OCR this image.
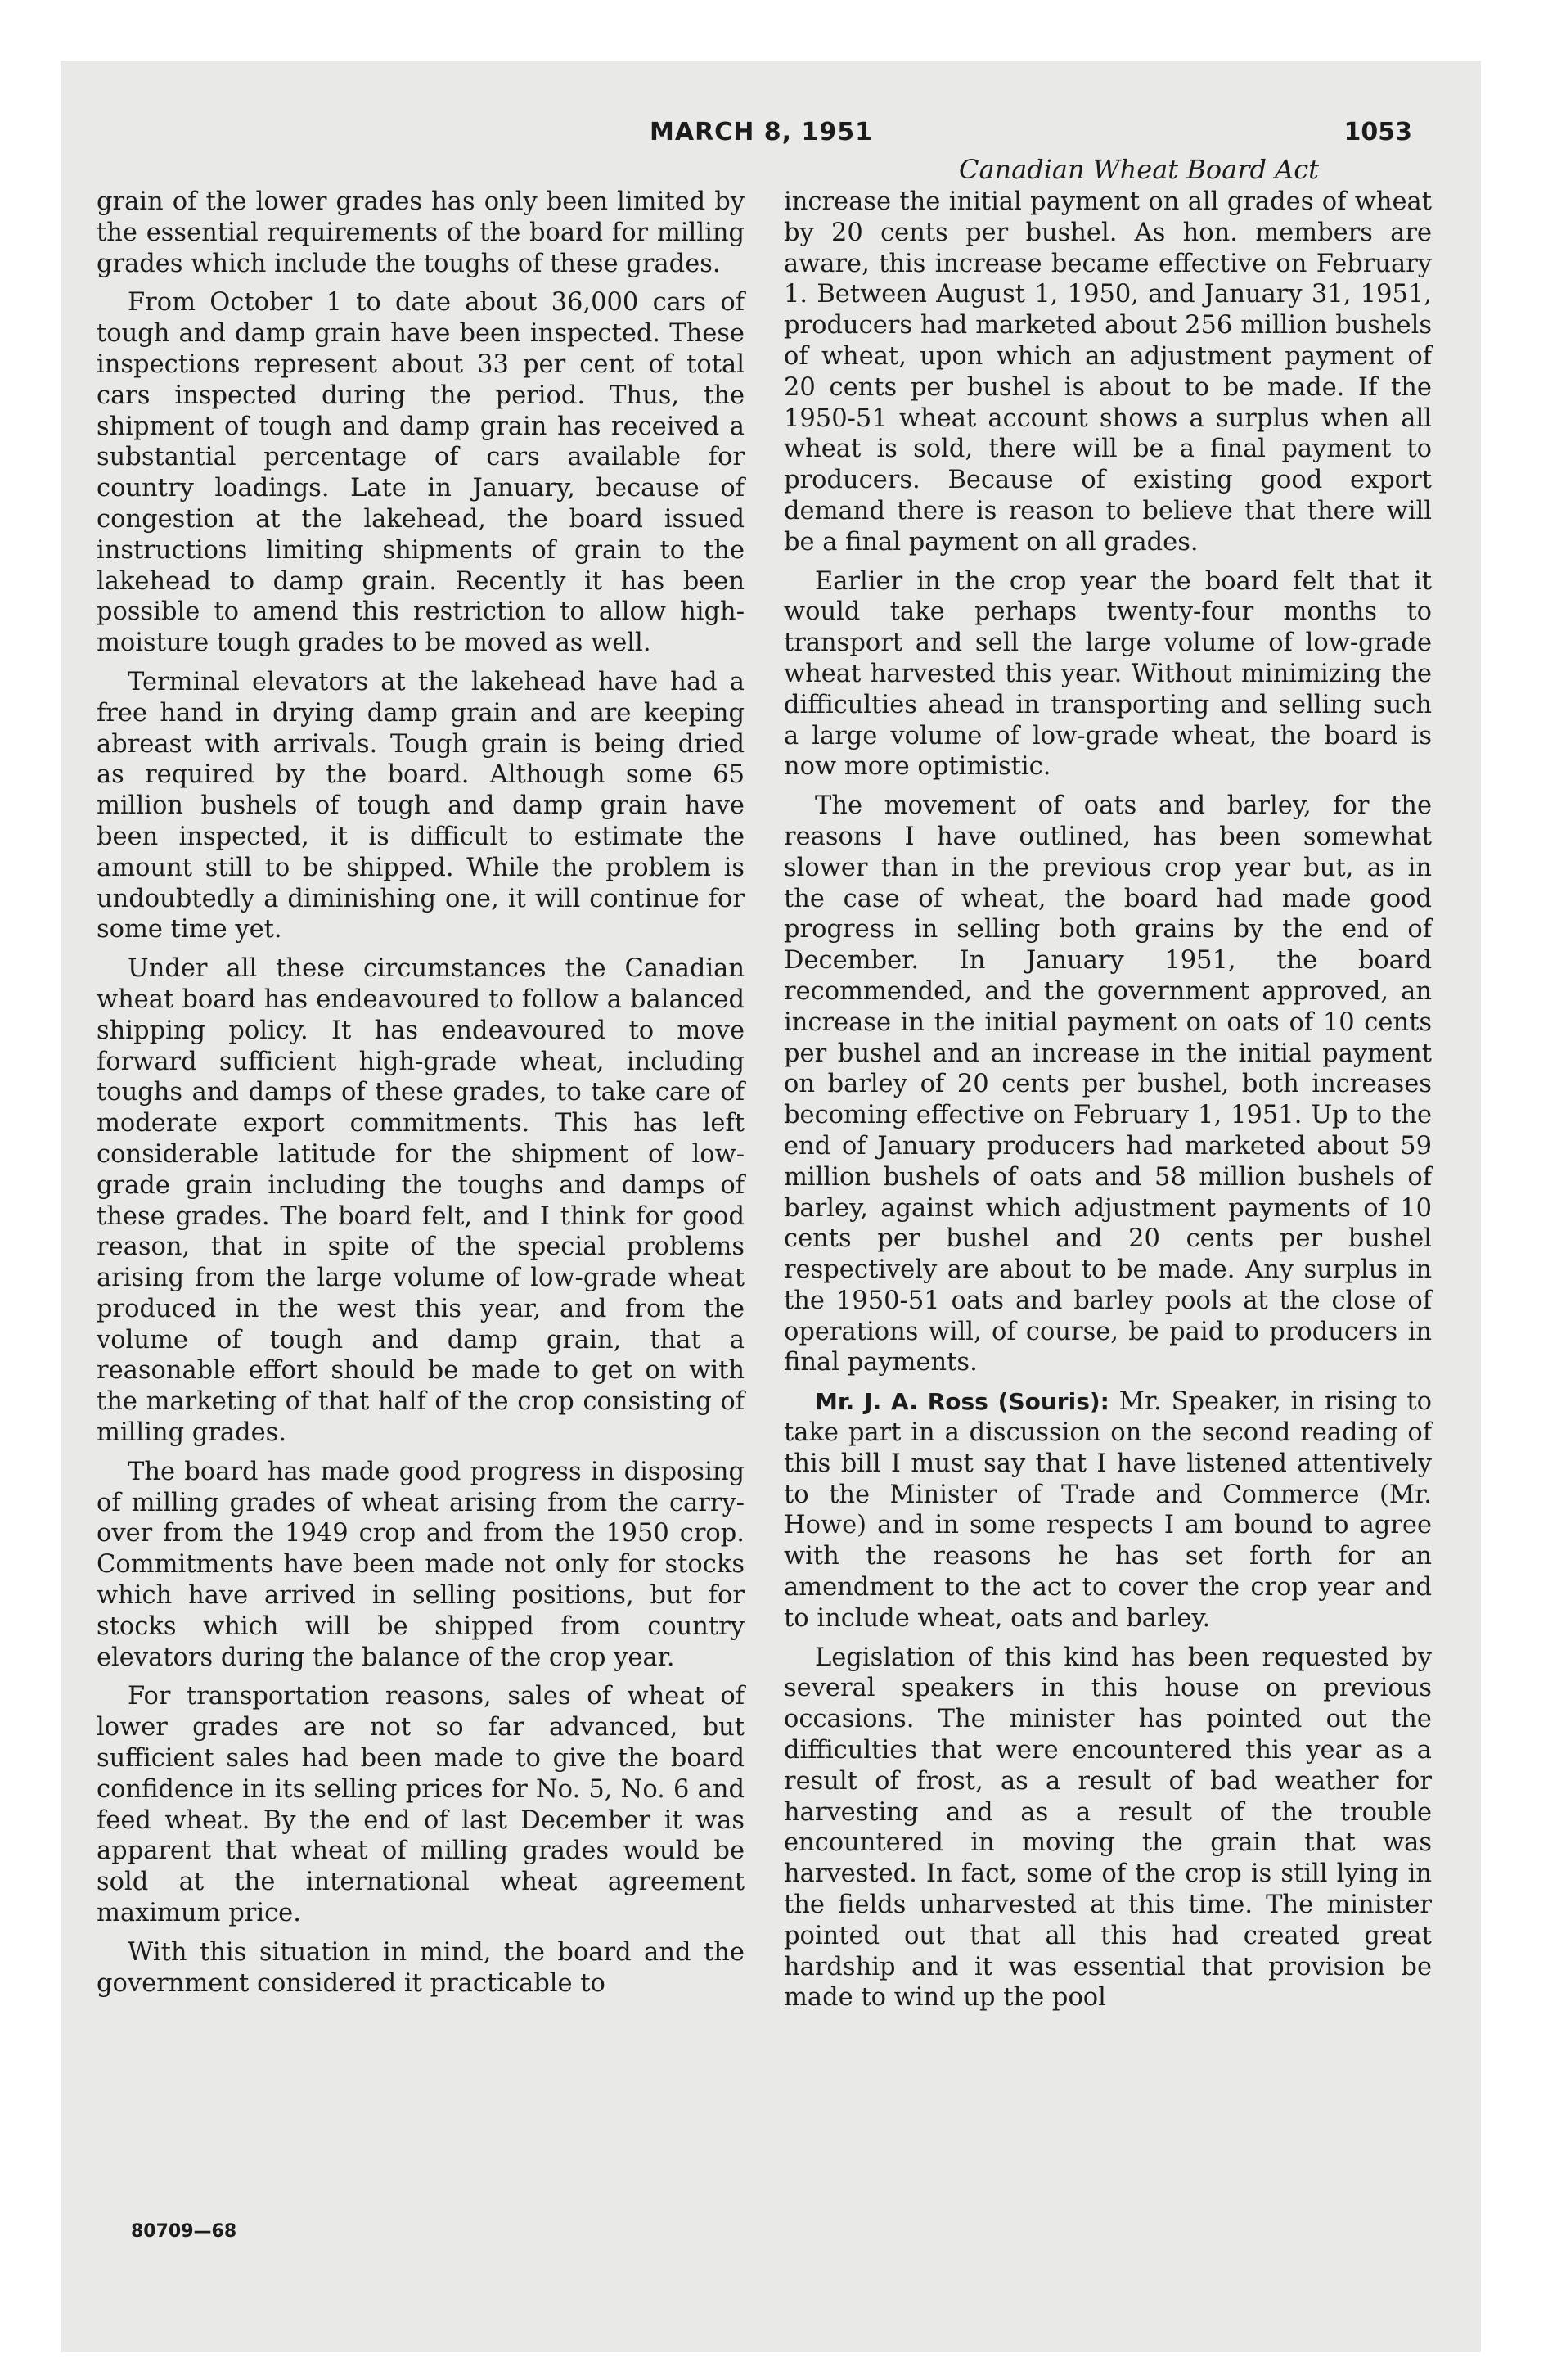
MARCH 8, 1951	1053
Canadian Wheat Board Act

grain of the lower grades has only been limited by the essential requirements of the board for milling grades which include the toughs of these grades.

From October 1 to date about 36,000 cars of tough and damp grain have been inspected. These inspections represent about 33 per cent of total cars inspected during the period. Thus, the shipment of tough and damp grain has received a substantial percentage of cars available for country loadings. Late in January, because of congestion at the lakehead, the board issued instructions limiting shipments of grain to the lakehead to damp grain. Recently it has been possible to amend this restriction to allow high-moisture tough grades to be moved as well.

Terminal elevators at the lakehead have had a free hand in drying damp grain and are keeping abreast with arrivals. Tough grain is being dried as required by the board. Although some 65 million bushels of tough and damp grain have been inspected, it is difficult to estimate the amount still to be shipped. While the problem is undoubtedly a diminishing one, it will continue for some time yet.

Under all these circumstances the Canadian wheat board has endeavoured to follow a balanced shipping policy. It has endeavoured to move forward sufficient high-grade wheat, including toughs and damps of these grades, to take care of moderate export commitments. This has left considerable latitude for the shipment of low-grade grain including the toughs and damps of these grades. The board felt, and I think for good reason, that in spite of the special problems arising from the large volume of low-grade wheat produced in the west this year, and from the volume of tough and damp grain, that a reasonable effort should be made to get on with the marketing of that half of the crop consisting of milling grades.

The board has made good progress in disposing of milling grades of wheat arising from the carry-over from the 1949 crop and from the 1950 crop. Commitments have been made not only for stocks which have arrived in selling positions, but for stocks which will be shipped from country elevators during the balance of the crop year.

For transportation reasons, sales of wheat of lower grades are not so far advanced, but sufficient sales had been made to give the board confidence in its selling prices for No. 5, No. 6 and feed wheat. By the end of last December it was apparent that wheat of milling grades would be sold at the international wheat agreement maximum price.

With this situation in mind, the board and the government considered it practicable to

increase the initial payment on all grades of wheat by 20 cents per bushel. As hon. members are aware, this increase became effective on February 1. Between August 1, 1950, and January 31, 1951, producers had marketed about 256 million bushels of wheat, upon which an adjustment payment of 20 cents per bushel is about to be made. If the 1950-51 wheat account shows a surplus when all wheat is sold, there will be a final payment to producers. Because of existing good export demand there is reason to believe that there will be a final payment on all grades.

Earlier in the crop year the board felt that it would take perhaps twenty-four months to transport and sell the large volume of low-grade wheat harvested this year. Without minimizing the difficulties ahead in transporting and selling such a large volume of low-grade wheat, the board is now more optimistic.

The movement of oats and barley, for the reasons I have outlined, has been somewhat slower than in the previous crop year but, as in the case of wheat, the board had made good progress in selling both grains by the end of December. In January 1951, the board recommended, and the government approved, an increase in the initial payment on oats of 10 cents per bushel and an increase in the initial payment on barley of 20 cents per bushel, both increases becoming effective on February 1, 1951. Up to the end of January producers had marketed about 59 million bushels of oats and 58 million bushels of barley, against which adjustment payments of 10 cents per bushel and 20 cents per bushel respectively are about to be made. Any surplus in the 1950-51 oats and barley pools at the close of operations will, of course, be paid to producers in final payments.

Mr. J. A. Ross (Souris): Mr. Speaker, in rising to take part in a discussion on the second reading of this bill I must say that I have listened attentively to the Minister of Trade and Commerce (Mr. Howe) and in some respects I am bound to agree with the reasons he has set forth for an amendment to the act to cover the crop year and to include wheat, oats and barley.

Legislation of this kind has been requested by several speakers in this house on previous occasions. The minister has pointed out the difficulties that were encountered this year as a result of frost, as a result of bad weather for harvesting and as a result of the trouble encountered in moving the grain that was harvested. In fact, some of the crop is still lying in the fields unharvested at this time. The minister pointed out that all this had created great hardship and it was essential that provision be made to wind up the pool

80709—68
